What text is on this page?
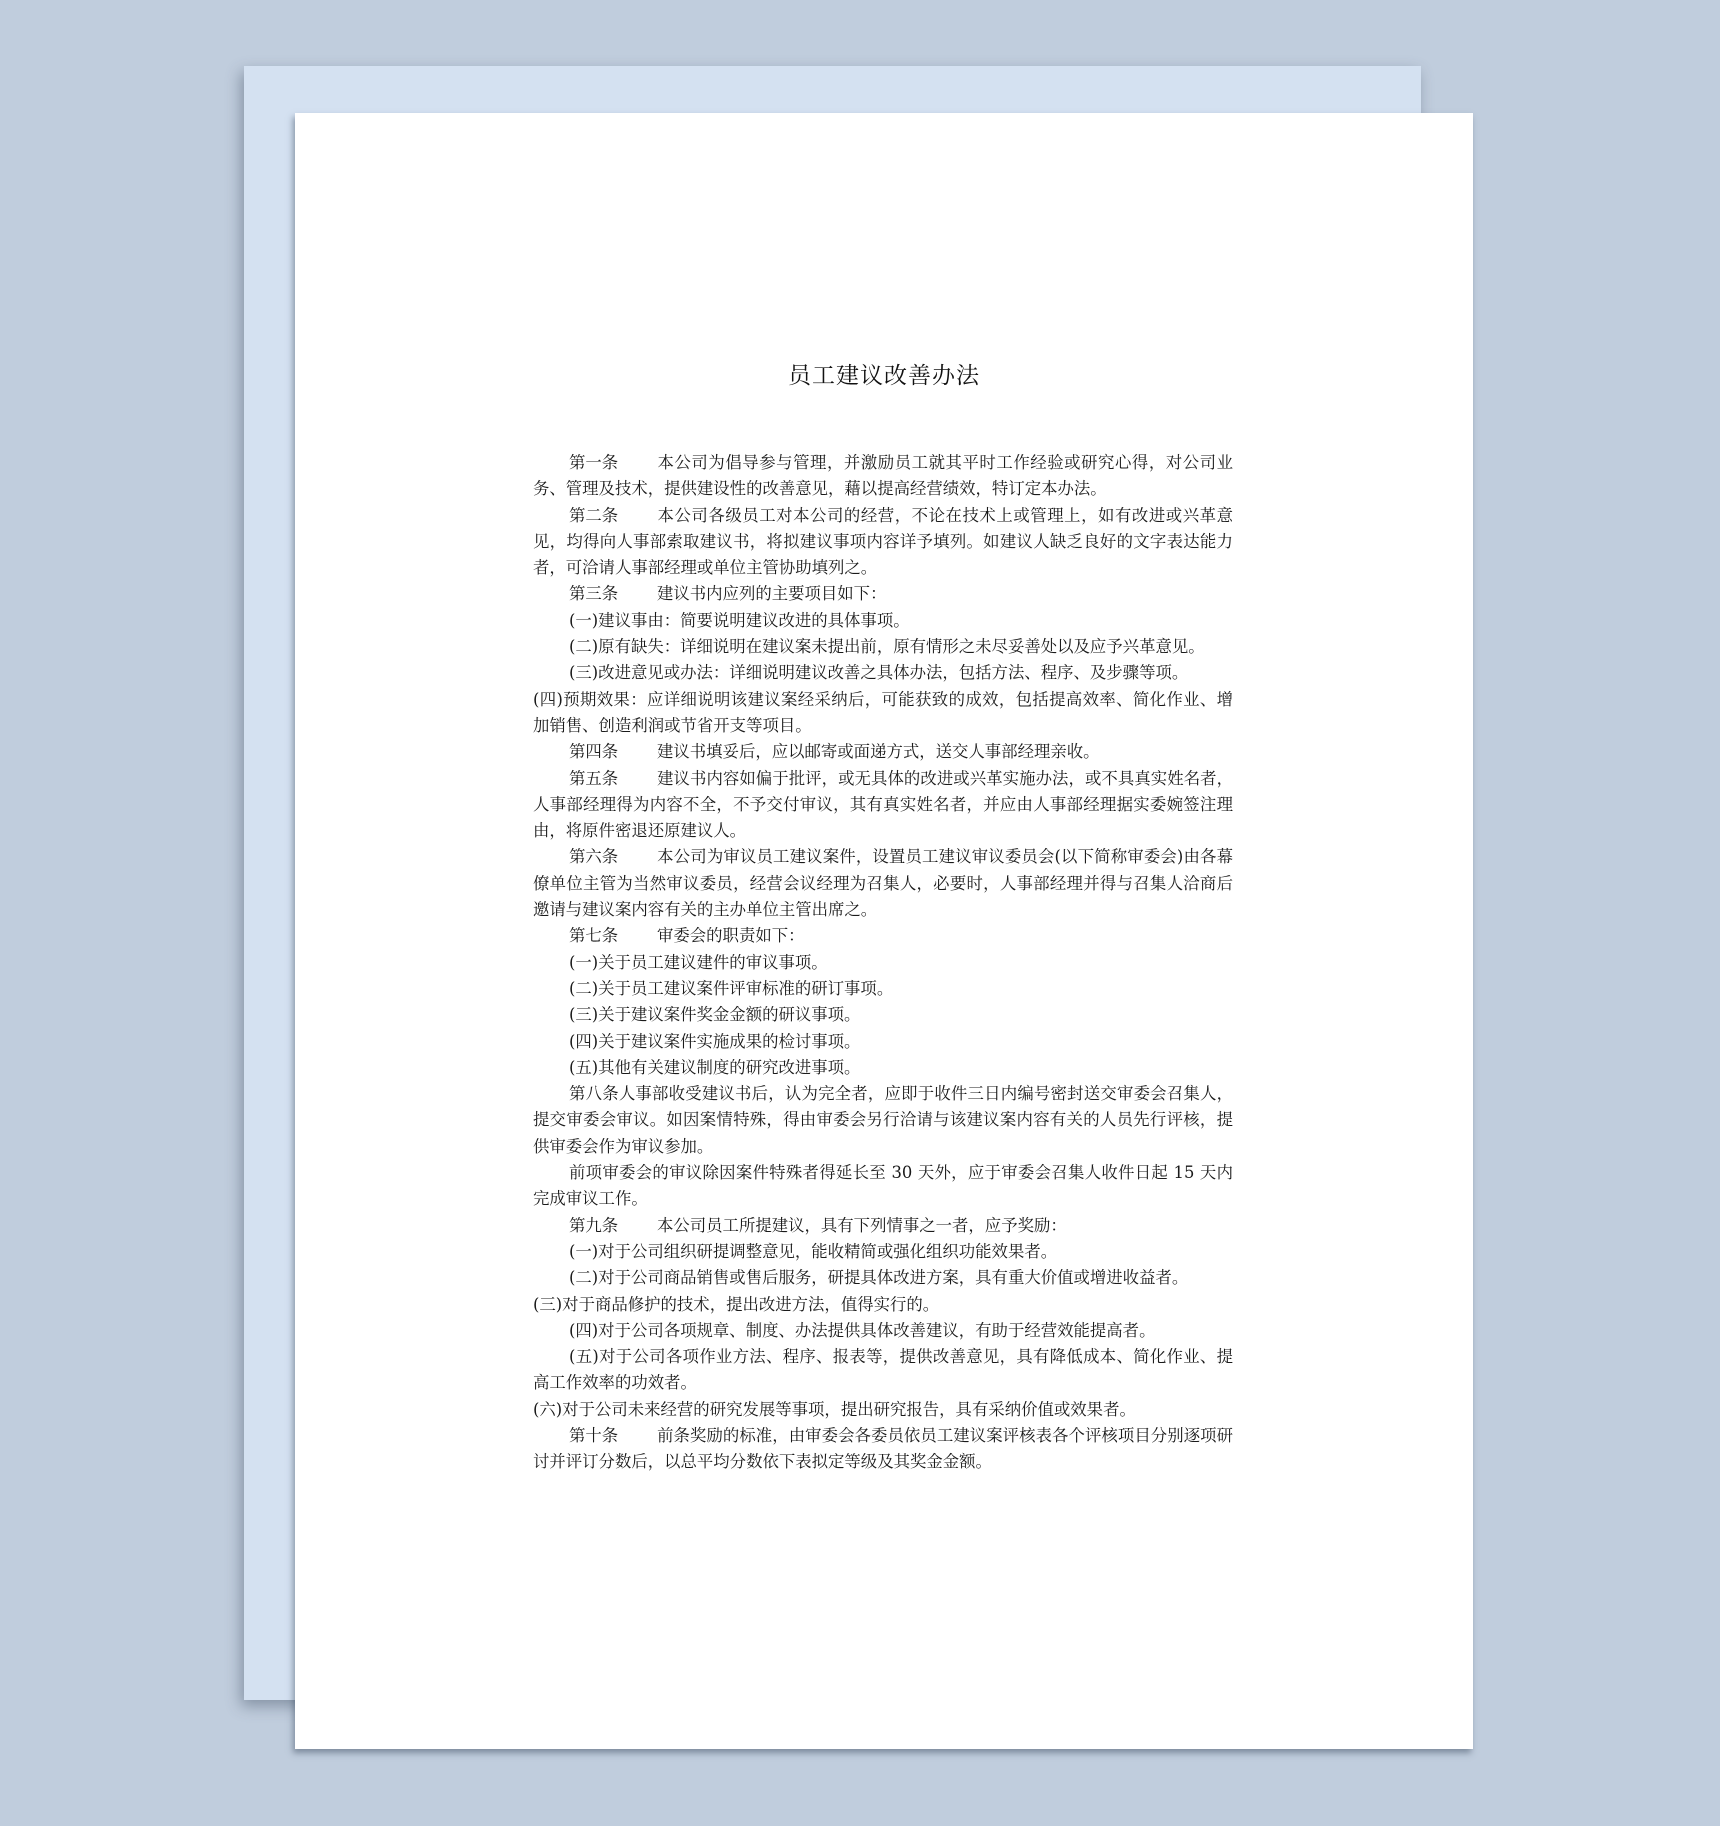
员工建议改善办法

第一条 本公司为倡导参与管理，并激励员工就其平时工作经验或研究心得，对公司业务、管理及技术，提供建设性的改善意见，藉以提高经营绩效，特订定本办法。

第二条 本公司各级员工对本公司的经营，不论在技术上或管理上，如有改进或兴革意见，均得向人事部索取建议书，将拟建议事项内容详予填列。如建议人缺乏良好的文字表达能力者，可洽请人事部经理或单位主管协助填列之。

第三条 建议书内应列的主要项目如下：

(一)建议事由：简要说明建议改进的具体事项。

(二)原有缺失：详细说明在建议案未提出前，原有情形之未尽妥善处以及应予兴革意见。

(三)改进意见或办法：详细说明建议改善之具体办法，包括方法、程序、及步骤等项。

(四)预期效果：应详细说明该建议案经采纳后，可能获致的成效，包括提高效率、简化作业、增加销售、创造利润或节省开支等项目。

第四条 建议书填妥后，应以邮寄或面递方式，送交人事部经理亲收。

第五条 建议书内容如偏于批评，或无具体的改进或兴革实施办法，或不具真实姓名者，人事部经理得为内容不全，不予交付审议，其有真实姓名者，并应由人事部经理据实委婉签注理由，将原件密退还原建议人。

第六条 本公司为审议员工建议案件，设置员工建议审议委员会(以下简称审委会)由各幕僚单位主管为当然审议委员，经营会议经理为召集人，必要时，人事部经理并得与召集人洽商后邀请与建议案内容有关的主办单位主管出席之。

第七条 审委会的职责如下：

(一)关于员工建议建件的审议事项。

(二)关于员工建议案件评审标准的研订事项。

(三)关于建议案件奖金金额的研议事项。

(四)关于建议案件实施成果的检讨事项。

(五)其他有关建议制度的研究改进事项。

第八条人事部收受建议书后，认为完全者，应即于收件三日内编号密封送交审委会召集人，提交审委会审议。如因案情特殊，得由审委会另行洽请与该建议案内容有关的人员先行评核，提供审委会作为审议参加。

前项审委会的审议除因案件特殊者得延长至 30 天外，应于审委会召集人收件日起 15 天内完成审议工作。

第九条 本公司员工所提建议，具有下列情事之一者，应予奖励：

(一)对于公司组织研提调整意见，能收精简或强化组织功能效果者。

(二)对于公司商品销售或售后服务，研提具体改进方案，具有重大价值或增进收益者。

(三)对于商品修护的技术，提出改进方法，值得实行的。

(四)对于公司各项规章、制度、办法提供具体改善建议，有助于经营效能提高者。

(五)对于公司各项作业方法、程序、报表等，提供改善意见，具有降低成本、简化作业、提高工作效率的功效者。

(六)对于公司未来经营的研究发展等事项，提出研究报告，具有采纳价值或效果者。

第十条 前条奖励的标准，由审委会各委员依员工建议案评核表各个评核项目分别逐项研讨并评订分数后，以总平均分数依下表拟定等级及其奖金金额。
